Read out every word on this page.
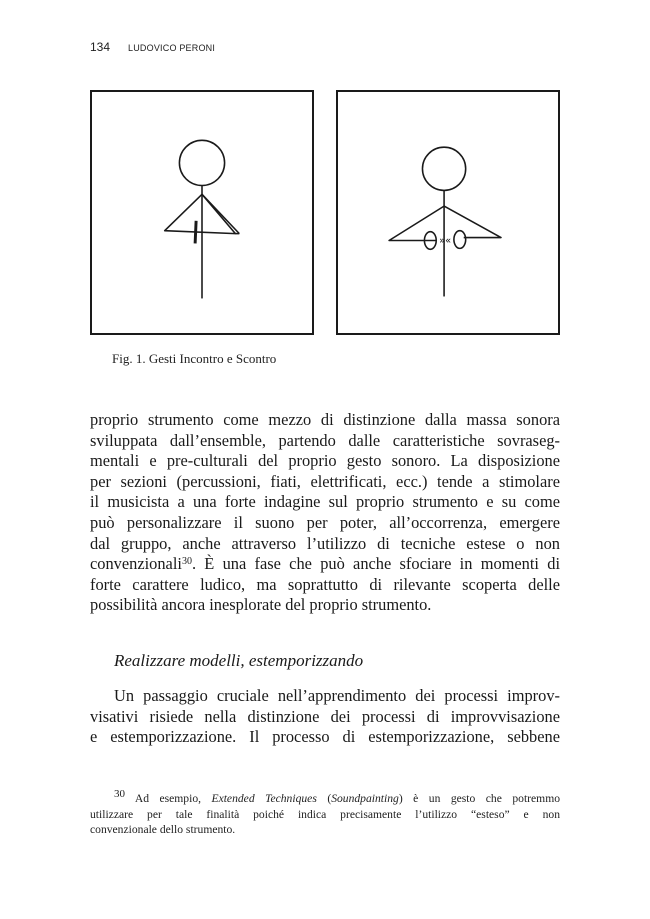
134 LUDOVICO PERONI
»«
Fig. 1. Gesti Incontro e Scontro
proprio strumento come mezzo di distinzione dalla massa sonora
sviluppata dall’ensemble, partendo dalle caratteristiche sovraseg-
mentali e pre-culturali del proprio gesto sonoro. La disposizione
per sezioni (percussioni, fiati, elettrificati, ecc.) tende a stimolare
il musicista a una forte indagine sul proprio strumento e su come
può personalizzare il suono per poter, all’occorrenza, emergere
dal gruppo, anche attraverso l’utilizzo di tecniche estese o non
convenzionali$^{30}$. È una fase che può anche sfociare in momenti di
forte carattere ludico, ma soprattutto di rilevante scoperta delle
possibilità ancora inesplorate del proprio strumento.
Realizzare modelli, estemporizzando
Un passaggio cruciale nell’apprendimento dei processi improv-
visativi risiede nella distinzione dei processi di improvvisazione
e estemporizzazione. Il processo di estemporizzazione, sebbene
$^{30}$ Ad esempio, Extended Techniques (Soundpainting) è un gesto che potremmo
utilizzare per tale finalità poiché indica precisamente l’utilizzo “esteso” e non
convenzionale dello strumento.
